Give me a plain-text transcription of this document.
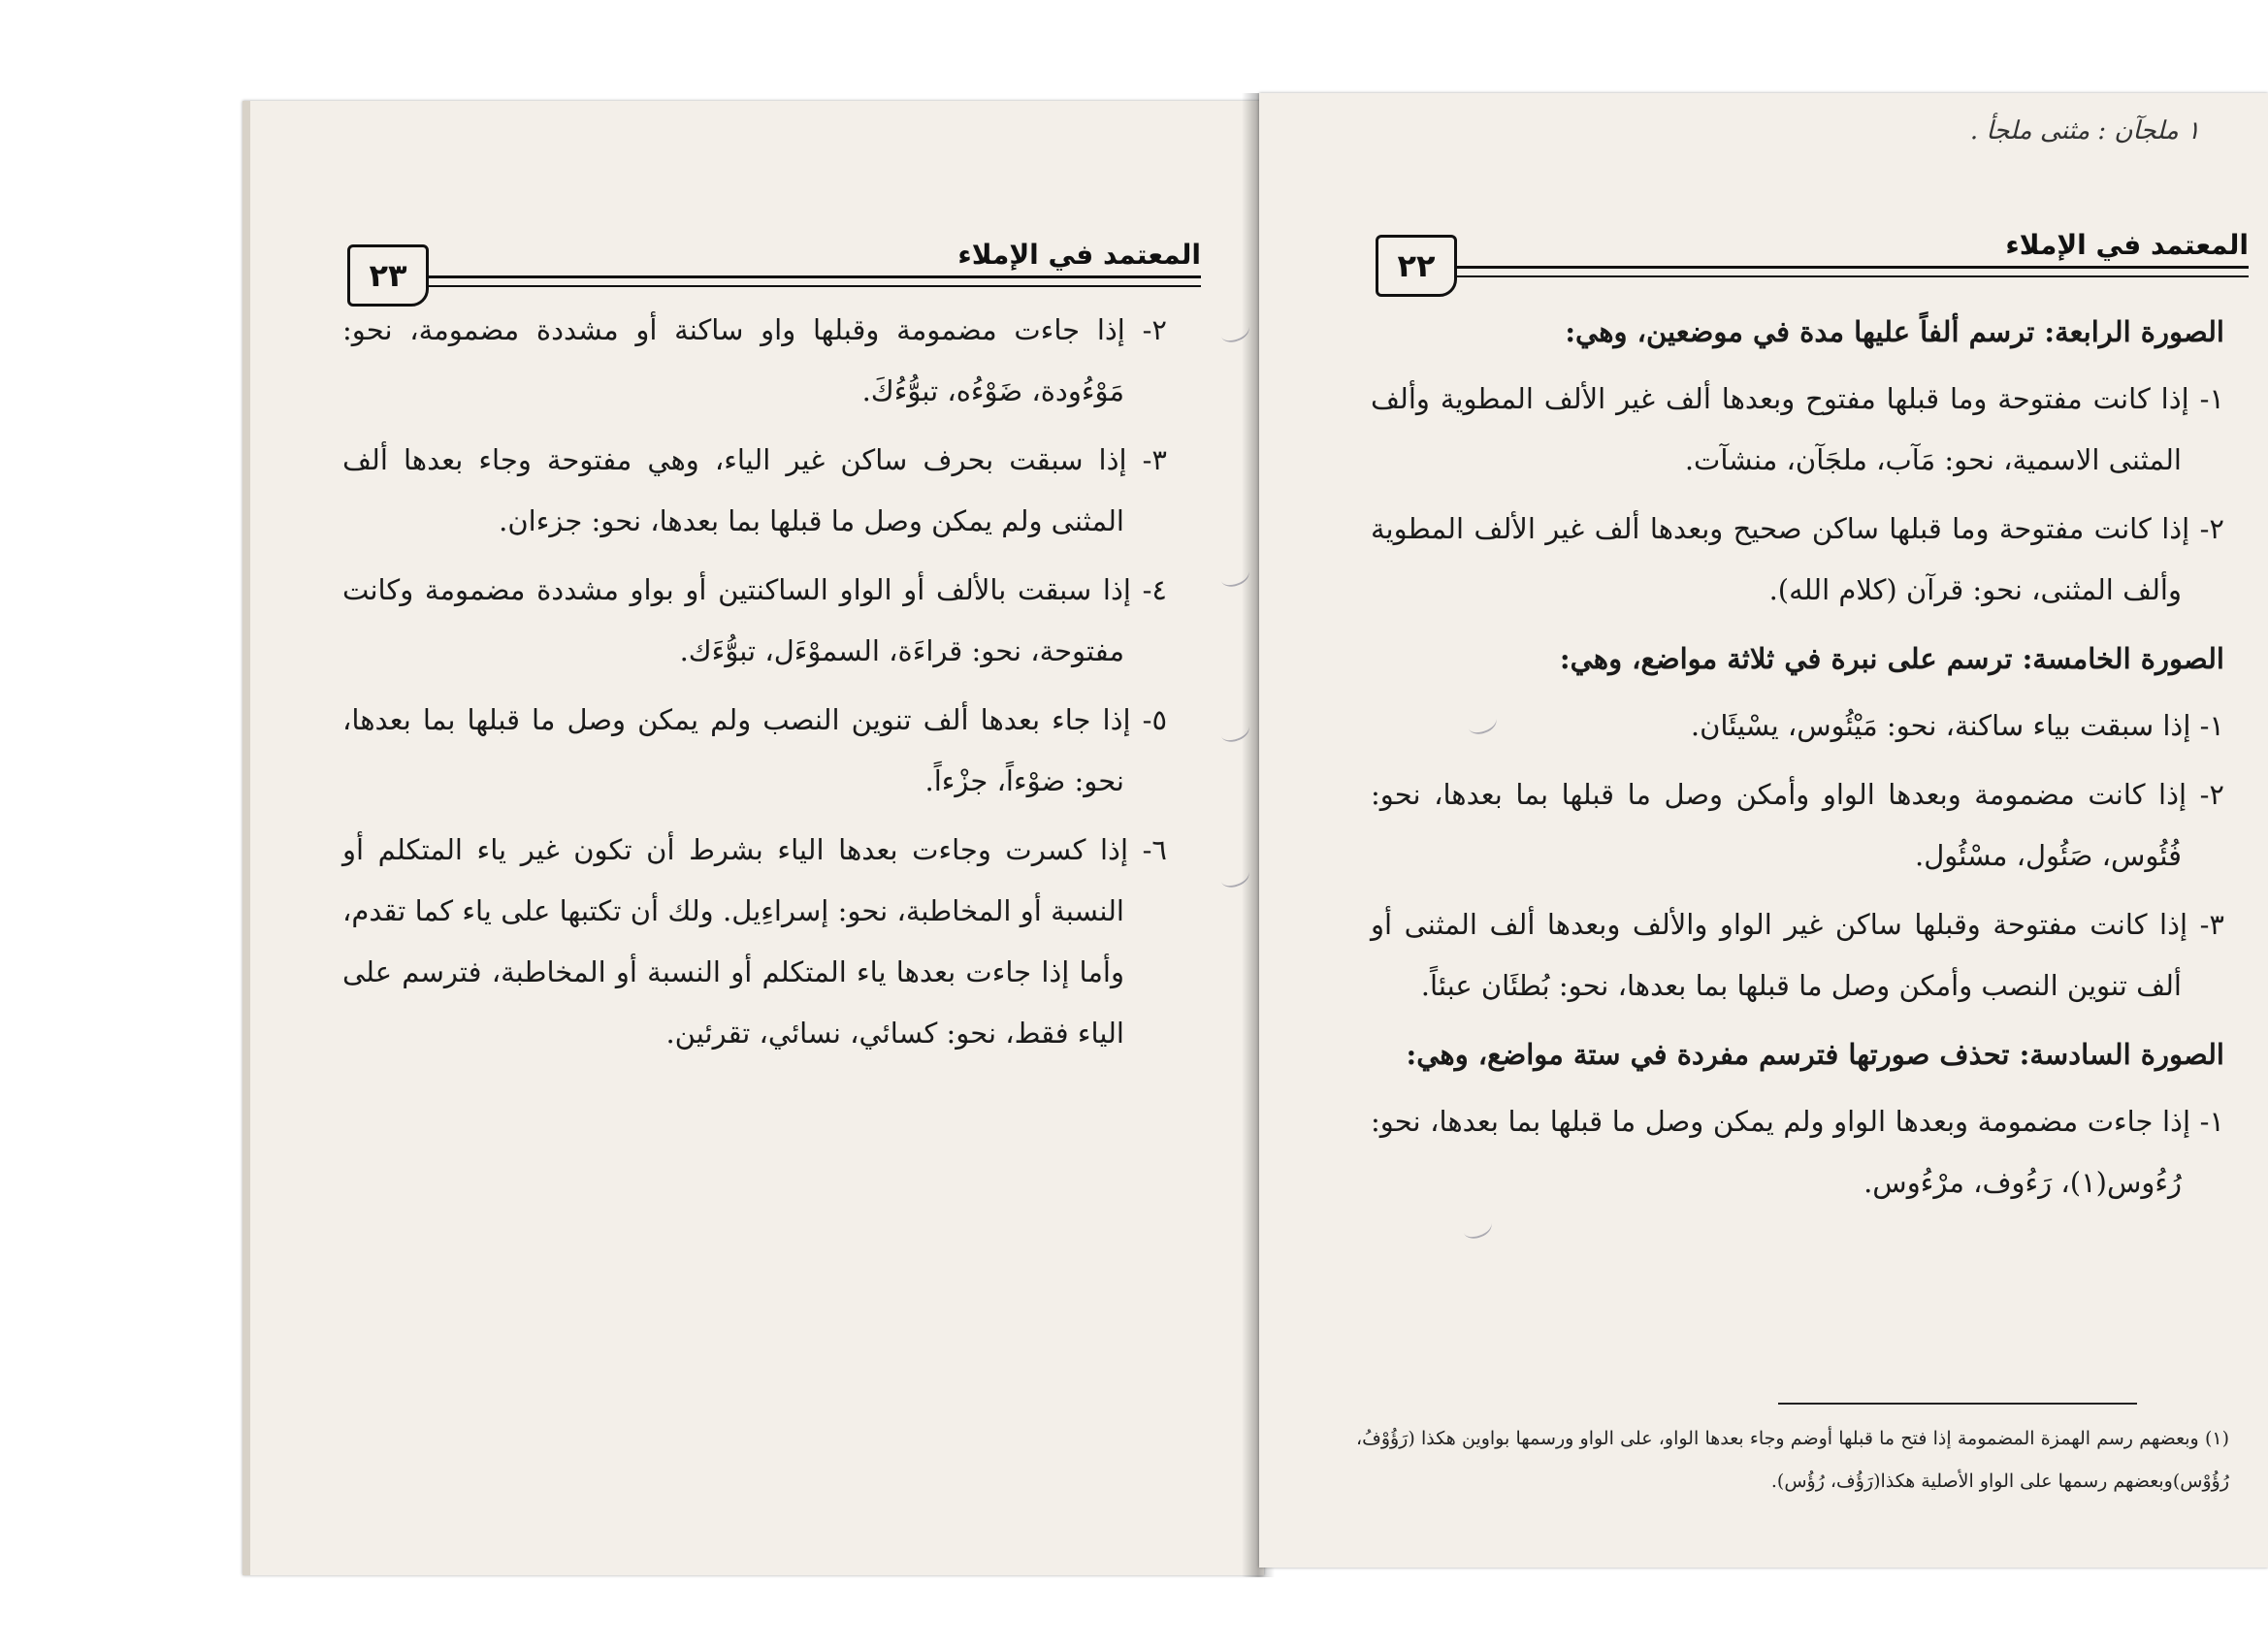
المعتمد في الإملاء
٢٣

٢- إذا جاءت مضمومة وقبلها واو ساكنة أو مشددة مضمومة، نحو: مَوْءُودة، ضَوْءُه، تبوُّءُكَ.

٣- إذا سبقت بحرف ساكن غير الياء، وهي مفتوحة وجاء بعدها ألف المثنى ولم يمكن وصل ما قبلها بما بعدها، نحو: جزءان.

٤- إذا سبقت بالألف أو الواو الساكنتين أو بواو مشددة مضمومة وكانت مفتوحة، نحو: قراءَة، السموْءَل، تبوُّءَك.

٥- إذا جاء بعدها ألف تنوين النصب ولم يمكن وصل ما قبلها بما بعدها، نحو: ضوْءاً، جزْءاً.

٦- إذا كسرت وجاءت بعدها الياء بشرط أن تكون غير ياء المتكلم أو النسبة أو المخاطبة، نحو: إسراءِيل. ولك أن تكتبها على ياء كما تقدم، وأما إذا جاءت بعدها ياء المتكلم أو النسبة أو المخاطبة، فترسم على الياء فقط، نحو: كسائي، نسائي، تقرئين.

١ ملجآن : مثنى ملجأ .
المعتمد في الإملاء
٢٢

الصورة الرابعة: ترسم ألفاً عليها مدة في موضعين، وهي:

١- إذا كانت مفتوحة وما قبلها مفتوح وبعدها ألف غير الألف المطوية وألف المثنى الاسمية، نحو: مَآب، ملجَآن، منشآت.

٢- إذا كانت مفتوحة وما قبلها ساكن صحيح وبعدها ألف غير الألف المطوية وألف المثنى، نحو: قرآن (كلام الله).

الصورة الخامسة: ترسم على نبرة في ثلاثة مواضع، وهي:

١- إذا سبقت بياء ساكنة، نحو: مَيْئُوس، يسْيئَان.

٢- إذا كانت مضمومة وبعدها الواو وأمكن وصل ما قبلها بما بعدها، نحو: فُئُوس، صَئُول، مسْئُول.

٣- إذا كانت مفتوحة وقبلها ساكن غير الواو والألف وبعدها ألف المثنى أو ألف تنوين النصب وأمكن وصل ما قبلها بما بعدها، نحو: بُطئَان عبئاً.

الصورة السادسة: تحذف صورتها فترسم مفردة في ستة مواضع، وهي:

١- إذا جاءت مضمومة وبعدها الواو ولم يمكن وصل ما قبلها بما بعدها، نحو: رُءُوس(١)، رَءُوف، مرْءُوس.

(١) وبعضهم رسم الهمزة المضمومة إذا فتح ما قبلها أوضم وجاء بعدها الواو، على الواو ورسمها بواوين هكذا (رَؤُوْفُ، رُؤُوْس)وبعضهم رسمها على الواو الأصلية هكذا(رَؤُف، رُؤُس).
